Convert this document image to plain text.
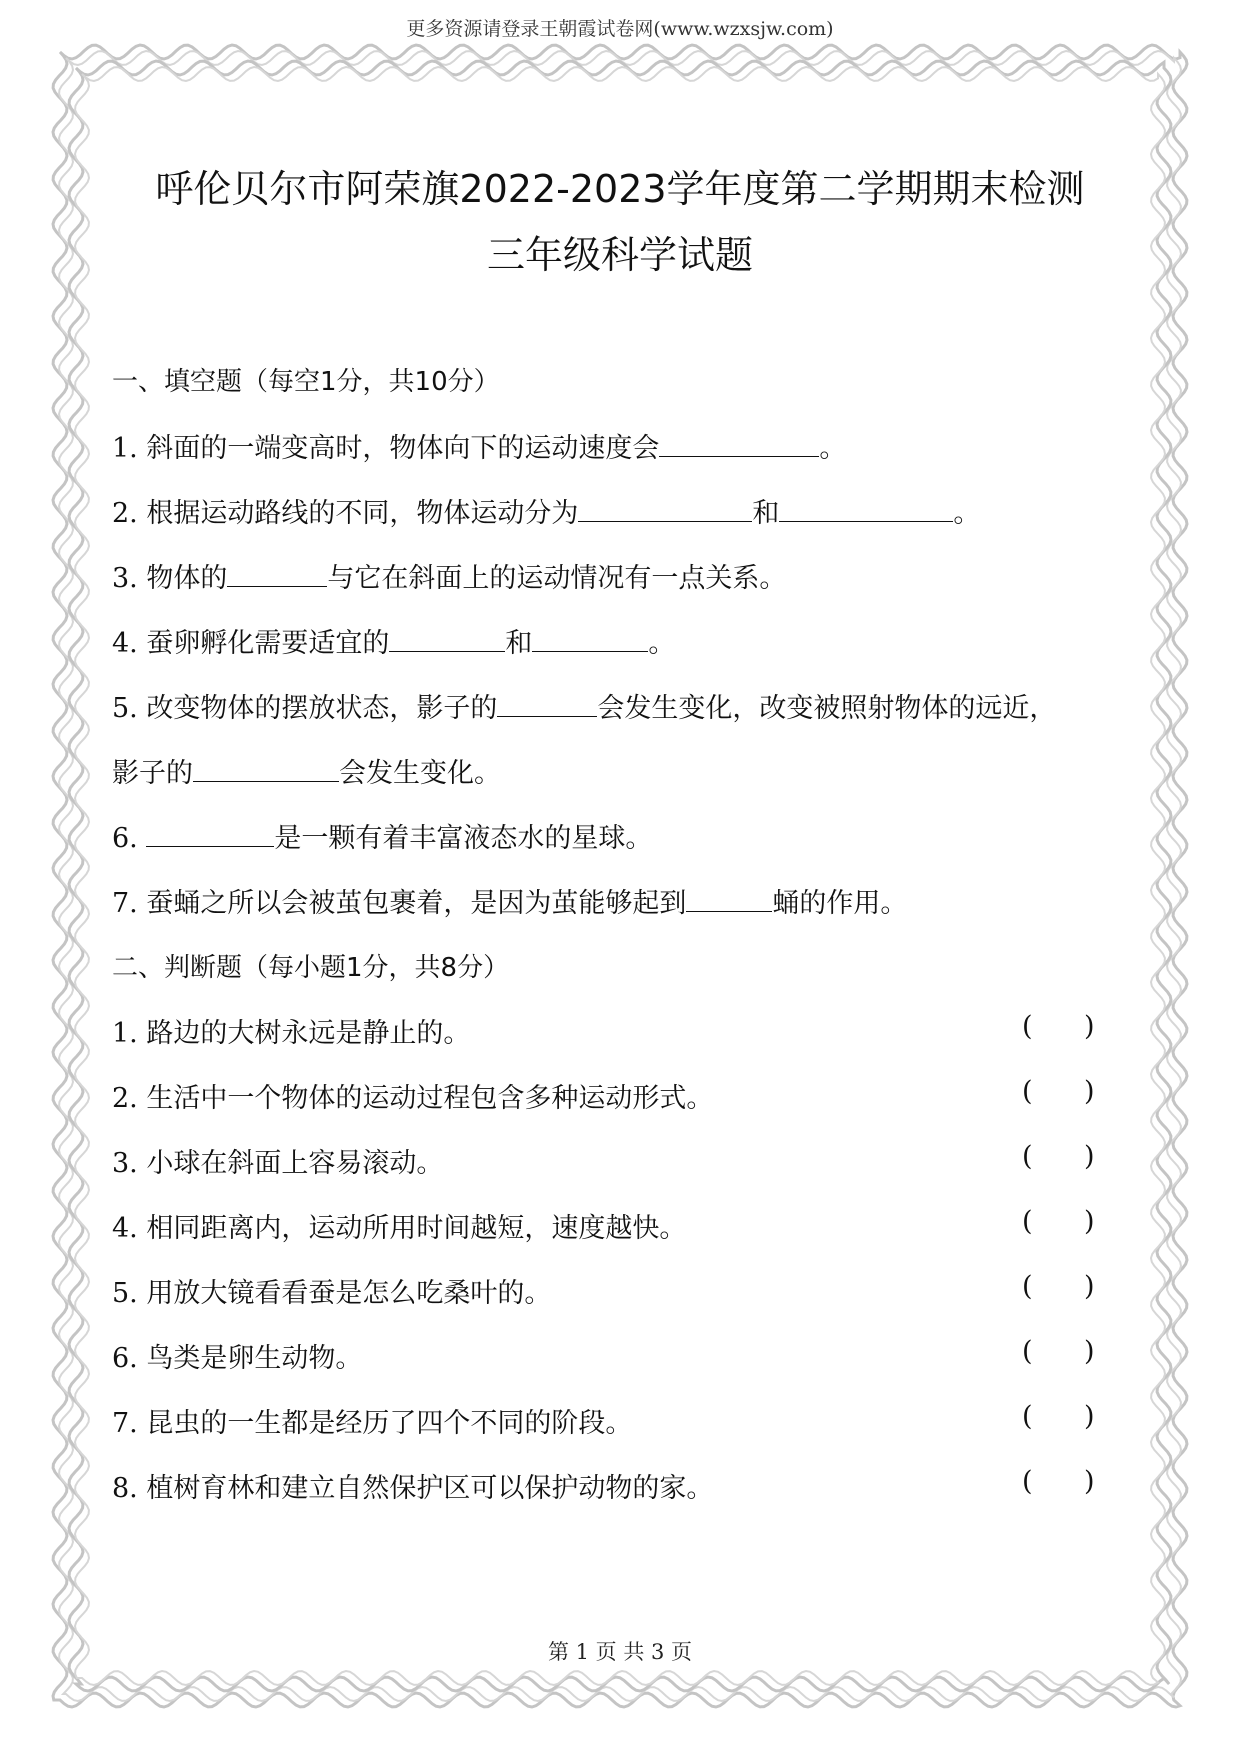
更多资源请登录王朝霞试卷网(www.wzxsjw.com)
呼伦贝尔市阿荣旗2022-2023学年度第二学期期末检测
三年级科学试题
一、填空题（每空1分，共10分）
1. 斜面的一端变高时，物体向下的运动速度会	。
2. 根据运动路线的不同，物体运动分为	和	。
3. 物体的	与它在斜面上的运动情况有一点关系。
4. 蚕卵孵化需要适宜的	和	。
5. 改变物体的摆放状态，影子的	会发生变化，改变被照射物体的远近，
影子的	会发生变化。
6.	是一颗有着丰富液态水的星球。
7. 蚕蛹之所以会被茧包裹着，是因为茧能够起到	蛹的作用。
二、判断题（每小题1分，共8分）
1. 路边的大树永远是静止的。	(      )
2. 生活中一个物体的运动过程包含多种运动形式。	(      )
3. 小球在斜面上容易滚动。	(      )
4. 相同距离内，运动所用时间越短，速度越快。	(      )
5. 用放大镜看看蚕是怎么吃桑叶的。	(      )
6. 鸟类是卵生动物。	(      )
7. 昆虫的一生都是经历了四个不同的阶段。	(      )
8. 植树育林和建立自然保护区可以保护动物的家。	(      )
第 1 页 共 3 页
